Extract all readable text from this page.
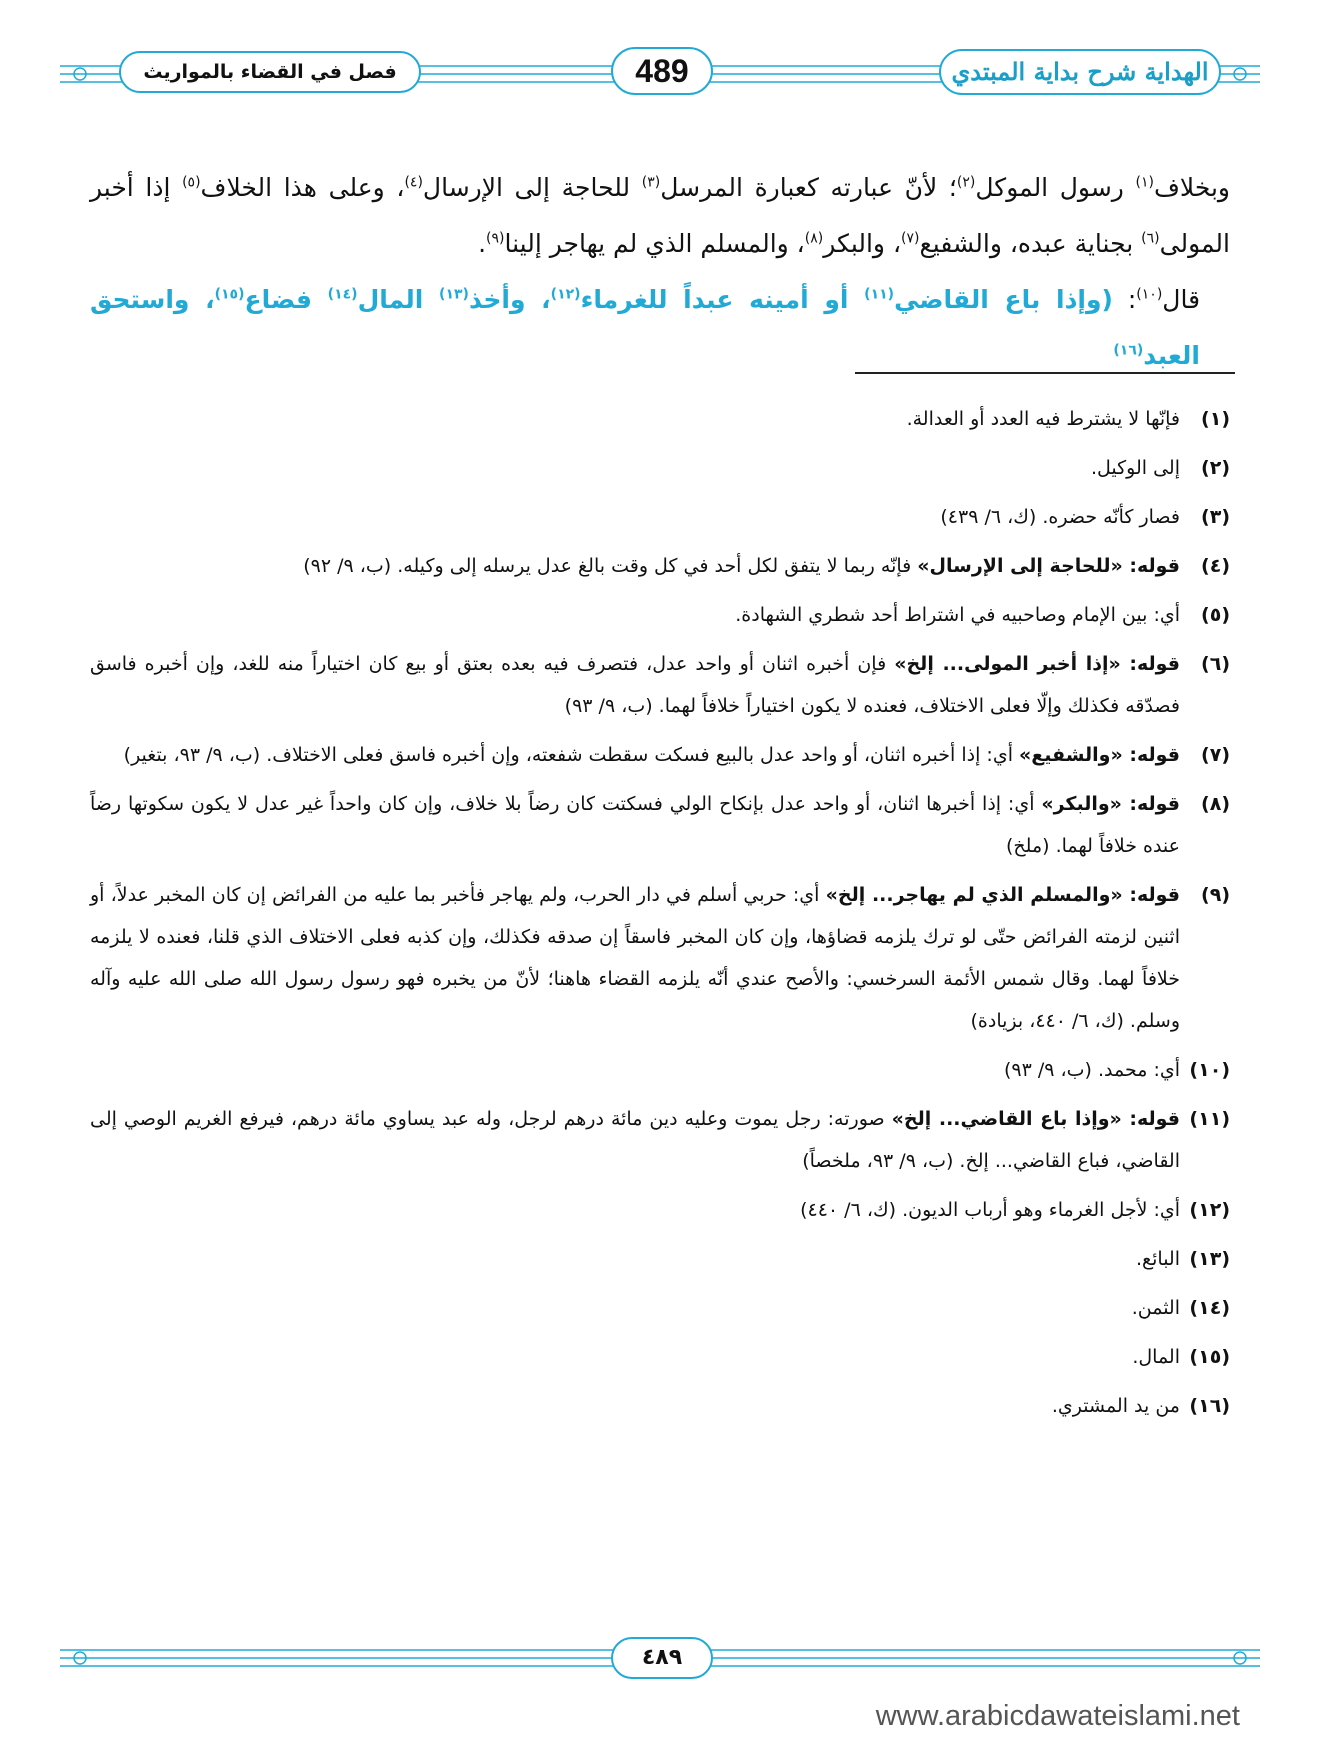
فصل في القضاء بالمواريث	489	الهداية شرح بداية المبتدي

وبخلاف$^{(١)}$ رسول الموكل$^{(٢)}$؛ لأنّ عبارته كعبارة المرسل$^{(٣)}$ للحاجة إلى الإرسال$^{(٤)}$، وعلى هذا الخلاف$^{(٥)}$ إذا أخبر المولى$^{(٦)}$ بجناية عبده، والشفيع$^{(٧)}$، والبكر$^{(٨)}$، والمسلم الذي لم يهاجر إلينا$^{(٩)}$.

قال$^{(١٠)}$: (وإذا باع القاضي$^{(١١)}$ أو أمينه عبداً للغرماء$^{(١٢)}$، وأخذ$^{(١٣)}$ المال$^{(١٤)}$ فضاع$^{(١٥)}$، واستحق العبد$^{(١٦)}$

(١)
فإنّها لا يشترط فيه العدد أو العدالة.
(٢)
إلى الوكيل.
(٣)
فصار كأنّه حضره. (ك، ٦/ ٤٣٩)
(٤)
قوله: «للحاجة إلى الإرسال» فإنّه ربما لا يتفق لكل أحد في كل وقت بالغ عدل يرسله إلى وكيله. (ب، ٩/ ٩٢)
(٥)
أي: بين الإمام وصاحبيه في اشتراط أحد شطري الشهادة.
(٦)
قوله: «إذا أخبر المولى... إلخ» فإن أخبره اثنان أو واحد عدل، فتصرف فيه بعده بعتق أو بيع كان اختياراً منه للغد، وإن أخبره فاسق فصدّقه فكذلك وإلّا فعلى الاختلاف، فعنده لا يكون اختياراً خلافاً لهما. (ب، ٩/ ٩٣)
(٧)
قوله: «والشفيع» أي: إذا أخبره اثنان، أو واحد عدل بالبيع فسكت سقطت شفعته، وإن أخبره فاسق فعلى الاختلاف. (ب، ٩/ ٩٣، بتغير)
(٨)
قوله: «والبكر» أي: إذا أخبرها اثنان، أو واحد عدل بإنكاح الولي فسكتت كان رضاً بلا خلاف، وإن كان واحداً غير عدل لا يكون سكوتها رضاً عنده خلافاً لهما. (ملخ)
(٩)
قوله: «والمسلم الذي لم يهاجر... إلخ» أي: حربي أسلم في دار الحرب، ولم يهاجر فأخبر بما عليه من الفرائض إن كان المخبر عدلاً، أو اثنين لزمته الفرائض حتّى لو ترك يلزمه قضاؤها، وإن كان المخبر فاسقاً إن صدقه فكذلك، وإن كذبه فعلى الاختلاف الذي قلنا، فعنده لا يلزمه خلافاً لهما. وقال شمس الأئمة السرخسي: والأصح عندي أنّه يلزمه القضاء هاهنا؛ لأنّ من يخبره فهو رسول رسول الله صلى الله عليه وآله وسلم. (ك، ٦/ ٤٤٠، بزيادة)
(١٠)
أي: محمد. (ب، ٩/ ٩٣)
(١١)
قوله: «وإذا باع القاضي... إلخ» صورته: رجل يموت وعليه دين مائة درهم لرجل، وله عبد يساوي مائة درهم، فيرفع الغريم الوصي إلى القاضي، فباع القاضي... إلخ. (ب، ٩/ ٩٣، ملخصاً)
(١٢)
أي: لأجل الغرماء وهو أرباب الديون. (ك، ٦/ ٤٤٠)
(١٣)
البائع.
(١٤)
الثمن.
(١٥)
المال.
(١٦)
من يد المشتري.
٤٨٩
www.arabicdawateislami.net
